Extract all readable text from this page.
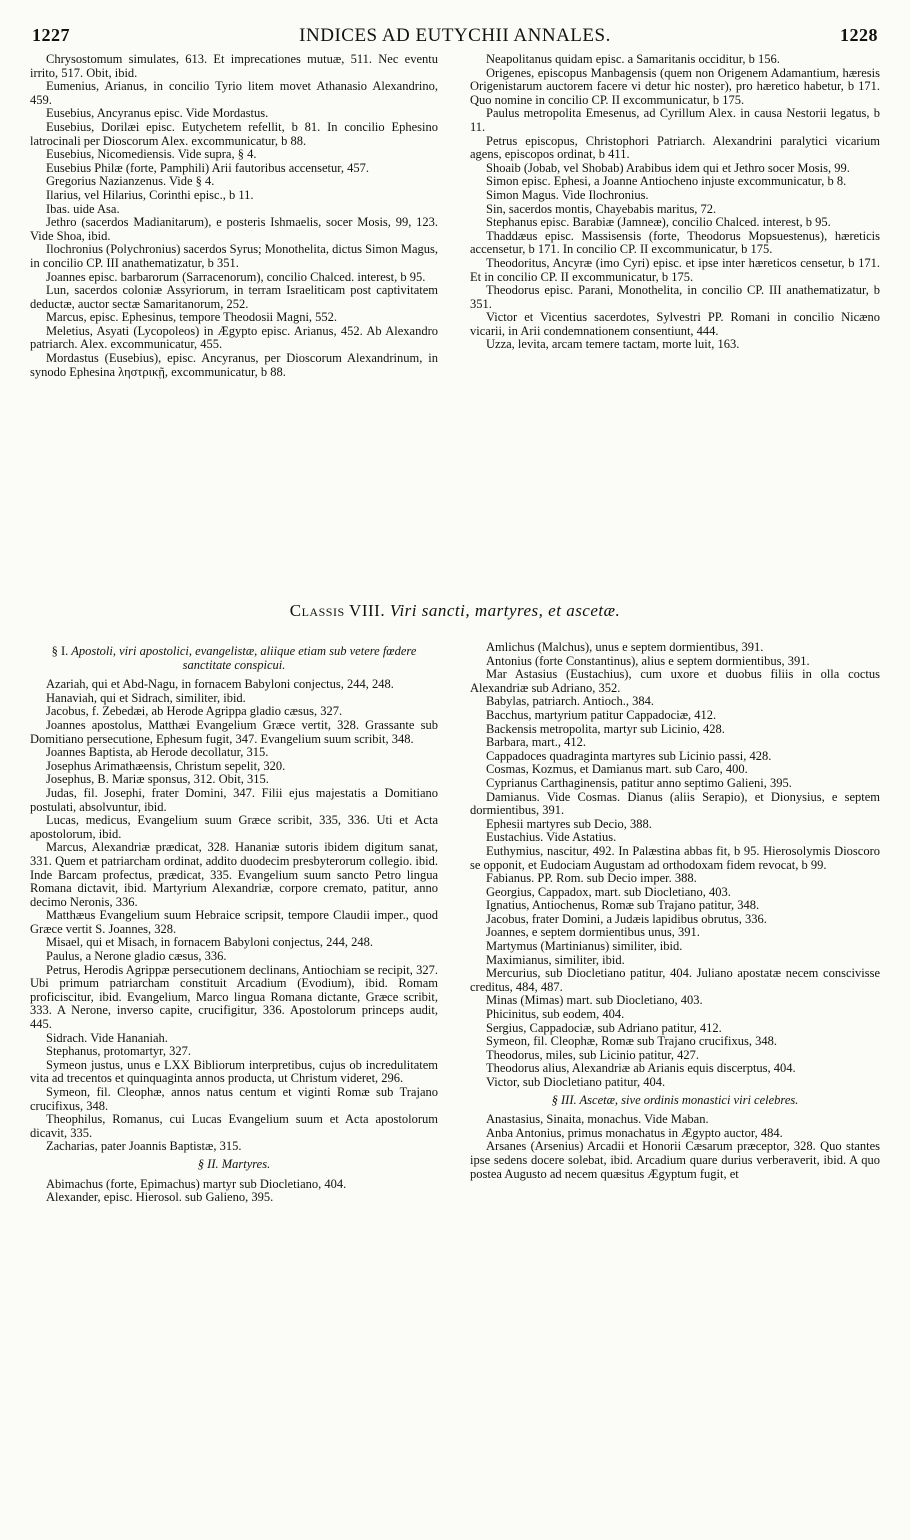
1227	INDICES AD EUTYCHII ANNALES.	1228

Chrysostomum simulates, 613. Et imprecationes mutuæ, 511. Nec eventu irrito, 517. Obit, ibid.

Eumenius, Arianus, in concilio Tyrio litem movet Athanasio Alexandrino, 459.

Eusebius, Ancyranus episc. Vide Mordastus.

Eusebius, Dorilæi episc. Eutychetem refellit, b 81. In concilio Ephesino latrocinali per Dioscorum Alex. excommunicatur, b 88.

Eusebius, Nicomediensis. Vide supra, § 4.

Eusebius Philæ (forte, Pamphili) Arii fautoribus accensetur, 457.

Gregorius Nazianzenus. Vide § 4.

Ilarius, vel Hilarius, Corinthi episc., b 11.

Ibas. uide Asa.

Jethro (sacerdos Madianitarum), e posteris Ishmaelis, socer Mosis, 99, 123. Vide Shoa, ibid.

Ilochronius (Polychronius) sacerdos Syrus; Monothelita, dictus Simon Magus, in concilio CP. III anathematizatur, b 351.

Joannes episc. barbarorum (Sarracenorum), concilio Chalced. interest, b 95.

Lun, sacerdos coloniæ Assyriorum, in terram Israeliticam post captivitatem deductæ, auctor sectæ Samaritanorum, 252.

Marcus, episc. Ephesinus, tempore Theodosii Magni, 552.

Meletius, Asyati (Lycopoleos) in Ægypto episc. Arianus, 452. Ab Alexandro patriarch. Alex. excommunicatur, 455.

Mordastus (Eusebius), episc. Ancyranus, per Dioscorum Alexandrinum, in synodo Ephesina ληστρικῇ, excommunicatur, b 88.

Neapolitanus quidam episc. a Samaritanis occiditur, b 156.

Origenes, episcopus Manbagensis (quem non Origenem Adamantium, hæresis Origenistarum auctorem facere vi detur hic noster), pro hæretico habetur, b 171. Quo nomine in concilio CP. II excommunicatur, b 175.

Paulus metropolita Emesenus, ad Cyrillum Alex. in causa Nestorii legatus, b 11.

Petrus episcopus, Christophori Patriarch. Alexandrini paralytici vicarium agens, episcopos ordinat, b 411.

Shoaib (Jobab, vel Shobab) Arabibus idem qui et Jethro socer Mosis, 99.

Simon episc. Ephesi, a Joanne Antiocheno injuste excommunicatur, b 8.

Simon Magus. Vide Ilochronius.

Sin, sacerdos montis, Chayebabis maritus, 72.

Stephanus episc. Barabiæ (Jamneæ), concilio Chalced. interest, b 95.

Thaddæus episc. Massisensis (forte, Theodorus Mopsuestenus), hæreticis accensetur, b 171. In concilio CP. II excommunicatur, b 175.

Theodoritus, Ancyræ (imo Cyri) episc. et ipse inter hæreticos censetur, b 171. Et in concilio CP. II excommunicatur, b 175.

Theodorus episc. Parani, Monothelita, in concilio CP. III anathematizatur, b 351.

Victor et Vicentius sacerdotes, Sylvestri PP. Romani in concilio Nicæno vicarii, in Arii condemnationem consentiunt, 444.

Uzza, levita, arcam temere tactam, morte luit, 163.

Classis VIII. Viri sancti, martyres, et ascetæ.
§ I. Apostoli, viri apostolici, evangelistæ, aliique etiam sub vetere fœdere sanctitate conspicui.

Azariah, qui et Abd-Nagu, in fornacem Babyloni conjectus, 244, 248.

Hanaviah, qui et Sidrach, similiter, ibid.

Jacobus, f. Zebedæi, ab Herode Agrippa gladio cæsus, 327.

Joannes apostolus, Matthæi Evangelium Græce vertit, 328. Grassante sub Domitiano persecutione, Ephesum fugit, 347. Evangelium suum scribit, 348.

Joannes Baptista, ab Herode decollatur, 315.

Josephus Arimathæensis, Christum sepelit, 320.

Josephus, B. Mariæ sponsus, 312. Obit, 315.

Judas, fil. Josephi, frater Domini, 347. Filii ejus majestatis a Domitiano postulati, absolvuntur, ibid.

Lucas, medicus, Evangelium suum Græce scribit, 335, 336. Uti et Acta apostolorum, ibid.

Marcus, Alexandriæ prædicat, 328. Hananiæ sutoris ibidem digitum sanat, 331. Quem et patriarcham ordinat, addito duodecim presbyterorum collegio. ibid. Inde Barcam profectus, prædicat, 335. Evangelium suum sancto Petro lingua Romana dictavit, ibid. Martyrium Alexandriæ, corpore cremato, patitur, anno decimo Neronis, 336.

Matthæus Evangelium suum Hebraice scripsit, tempore Claudii imper., quod Græce vertit S. Joannes, 328.

Misael, qui et Misach, in fornacem Babyloni conjectus, 244, 248.

Paulus, a Nerone gladio cæsus, 336.

Petrus, Herodis Agrippæ persecutionem declinans, Antiochiam se recipit, 327. Ubi primum patriarcham constituit Arcadium (Evodium), ibid. Romam proficiscitur, ibid. Evangelium, Marco lingua Romana dictante, Græce scribit, 333. A Nerone, inverso capite, crucifigitur, 336. Apostolorum princeps audit, 445.

Sidrach. Vide Hananiah.

Stephanus, protomartyr, 327.

Symeon justus, unus e LXX Bibliorum interpretibus, cujus ob incredulitatem vita ad trecentos et quinquaginta annos producta, ut Christum videret, 296.

Symeon, fil. Cleophæ, annos natus centum et viginti Romæ sub Trajano crucifixus, 348.

Theophilus, Romanus, cui Lucas Evangelium suum et Acta apostolorum dicavit, 335.

Zacharias, pater Joannis Baptistæ, 315.

§ II. Martyres.

Abimachus (forte, Epimachus) martyr sub Diocletiano, 404.

Alexander, episc. Hierosol. sub Galieno, 395.

Amlichus (Malchus), unus e septem dormientibus, 391.

Antonius (forte Constantinus), alius e septem dormientibus, 391.

Mar Astasius (Eustachius), cum uxore et duobus filiis in olla coctus Alexandriæ sub Adriano, 352.

Babylas, patriarch. Antioch., 384.

Bacchus, martyrium patitur Cappadociæ, 412.

Backensis metropolita, martyr sub Licinio, 428.

Barbara, mart., 412.

Cappadoces quadraginta martyres sub Licinio passi, 428.

Cosmas, Kozmus, et Damianus mart. sub Caro, 400.

Cyprianus Carthaginensis, patitur anno septimo Galieni, 395.

Damianus. Vide Cosmas. Dianus (aliis Serapio), et Dionysius, e septem dormientibus, 391.

Ephesii martyres sub Decio, 388.

Eustachius. Vide Astatius.

Euthymius, nascitur, 492. In Palæstina abbas fit, b 95. Hierosolymis Dioscoro se opponit, et Eudociam Augustam ad orthodoxam fidem revocat, b 99.

Fabianus. PP. Rom. sub Decio imper. 388.

Georgius, Cappadox, mart. sub Diocletiano, 403.

Ignatius, Antiochenus, Romæ sub Trajano patitur, 348.

Jacobus, frater Domini, a Judæis lapidibus obrutus, 336.

Joannes, e septem dormientibus unus, 391.

Martymus (Martinianus) similiter, ibid.

Maximianus, similiter, ibid.

Mercurius, sub Diocletiano patitur, 404. Juliano apostatæ necem conscivisse creditus, 484, 487.

Minas (Mimas) mart. sub Diocletiano, 403.

Phicinitus, sub eodem, 404.

Sergius, Cappadociæ, sub Adriano patitur, 412.

Symeon, fil. Cleophæ, Romæ sub Trajano crucifixus, 348.

Theodorus, miles, sub Licinio patitur, 427.

Theodorus alius, Alexandriæ ab Arianis equis discerptus, 404.

Victor, sub Diocletiano patitur, 404.

§ III. Ascetæ, sive ordinis monastici viri celebres.

Anastasius, Sinaita, monachus. Vide Maban.

Anba Antonius, primus monachatus in Ægypto auctor, 484.

Arsanes (Arsenius) Arcadii et Honorii Cæsarum præceptor, 328. Quo stantes ipse sedens docere solebat, ibid. Arcadium quare durius verberaverit, ibid. A quo postea Augusto ad necem quæsitus Ægyptum fugit, et
